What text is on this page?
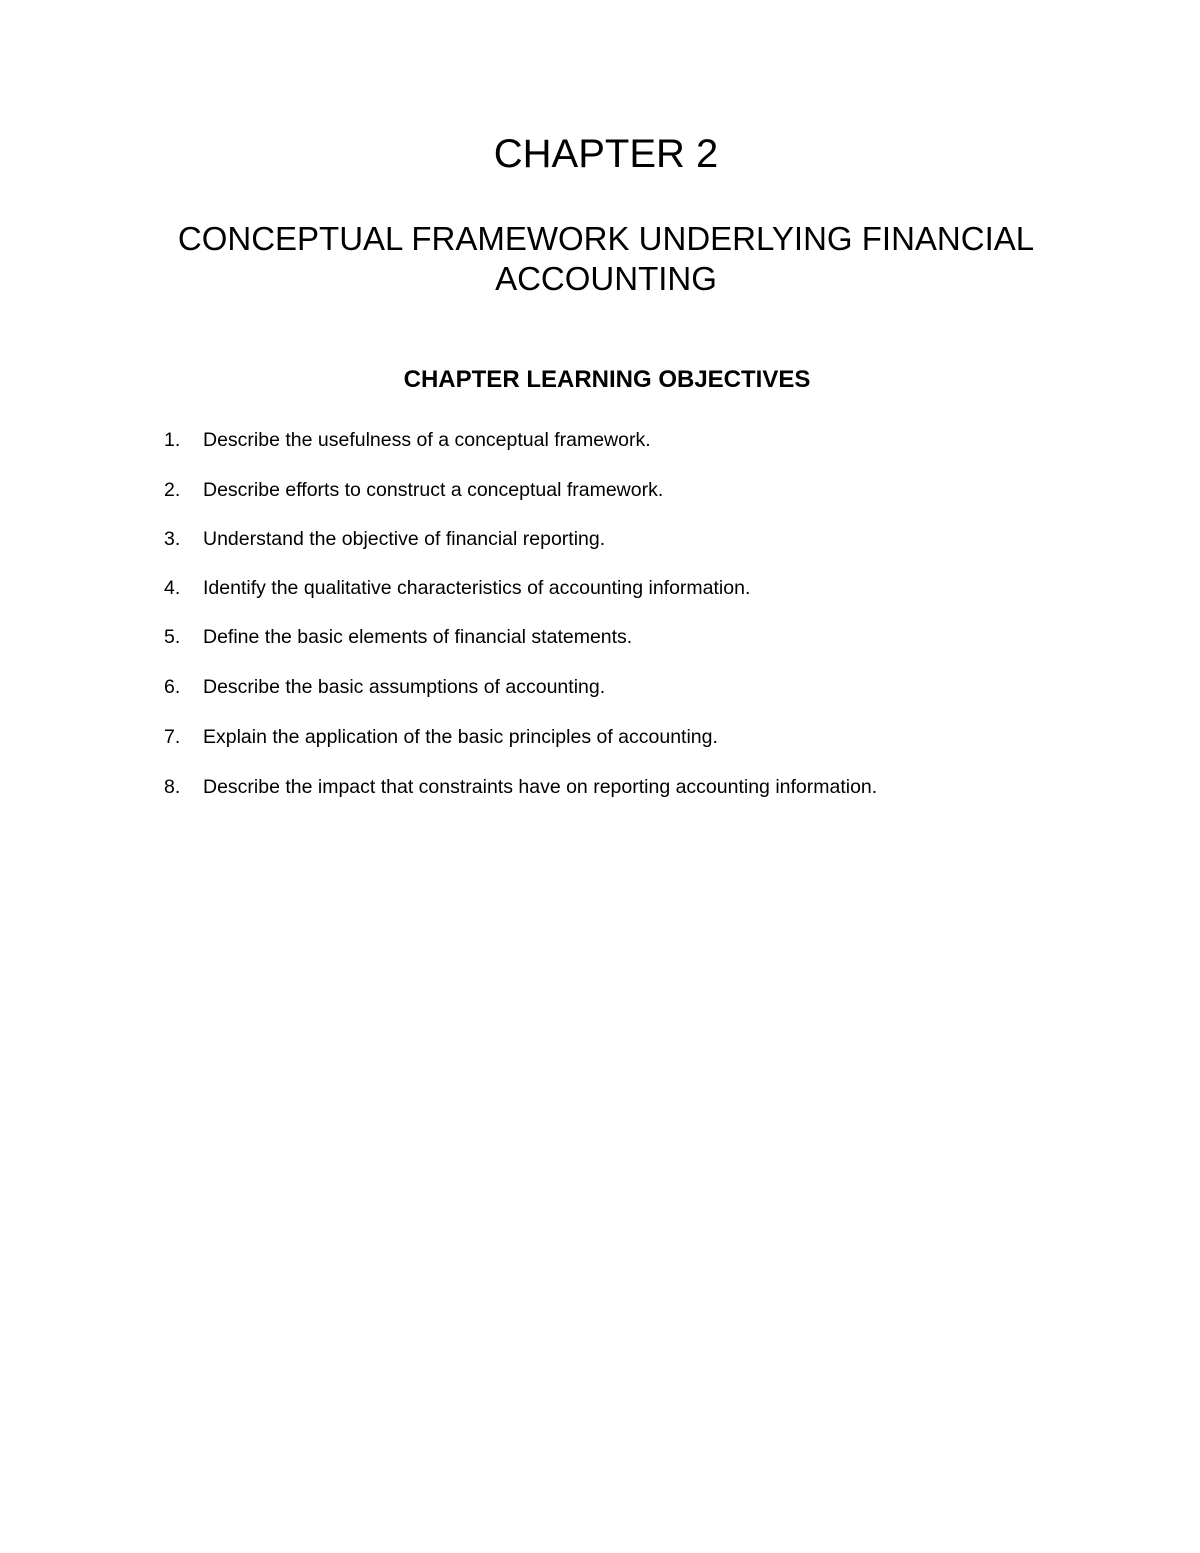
CHAPTER 2
CONCEPTUAL FRAMEWORK UNDERLYING FINANCIAL ACCOUNTING
CHAPTER LEARNING OBJECTIVES
1. Describe the usefulness of a conceptual framework.
2. Describe efforts to construct a conceptual framework.
3. Understand the objective of financial reporting.
4. Identify the qualitative characteristics of accounting information.
5. Define the basic elements of financial statements.
6. Describe the basic assumptions of accounting.
7. Explain the application of the basic principles of accounting.
8. Describe the impact that constraints have on reporting accounting information.
